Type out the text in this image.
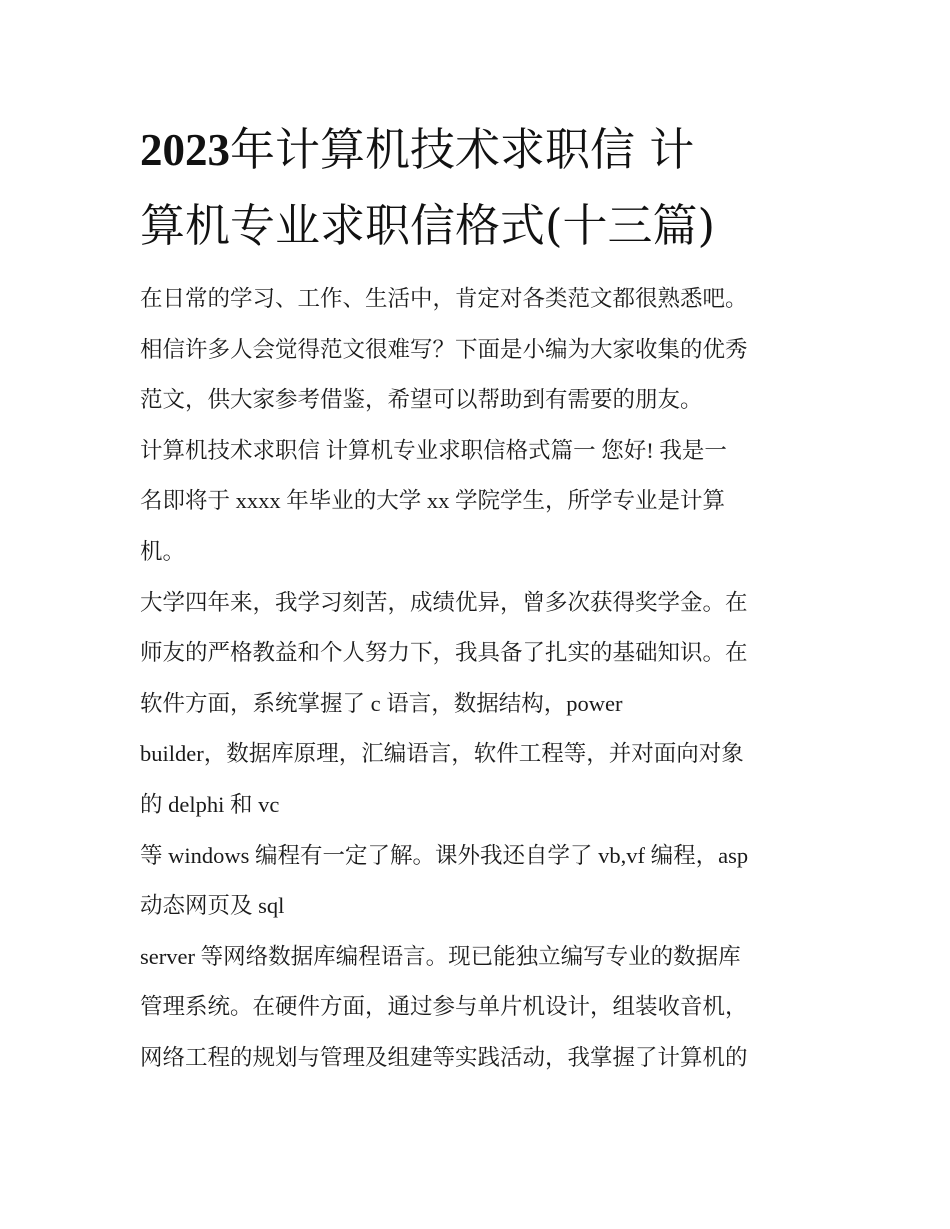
2023年计算机技术求职信 计
算机专业求职信格式(十三篇)

在日常的学习、工作、生活中，肯定对各类范文都很熟悉吧。

相信许多人会觉得范文很难写？下面是小编为大家收集的优秀

范文，供大家参考借鉴，希望可以帮助到有需要的朋友。

计算机技术求职信 计算机专业求职信格式篇一 您好! 我是一

名即将于 xxxx 年毕业的大学 xx 学院学生，所学专业是计算

机。

大学四年来，我学习刻苦，成绩优异，曾多次获得奖学金。在

师友的严格教益和个人努力下，我具备了扎实的基础知识。在

软件方面，系统掌握了 c 语言，数据结构，power

builder，数据库原理，汇编语言，软件工程等，并对面向对象

的 delphi 和 vc

等 windows 编程有一定了解。课外我还自学了 vb,vf 编程，asp

动态网页及 sql

server 等网络数据库编程语言。现已能独立编写专业的数据库

管理系统。在硬件方面，通过参与单片机设计，组装收音机，

网络工程的规划与管理及组建等实践活动，我掌握了计算机的
